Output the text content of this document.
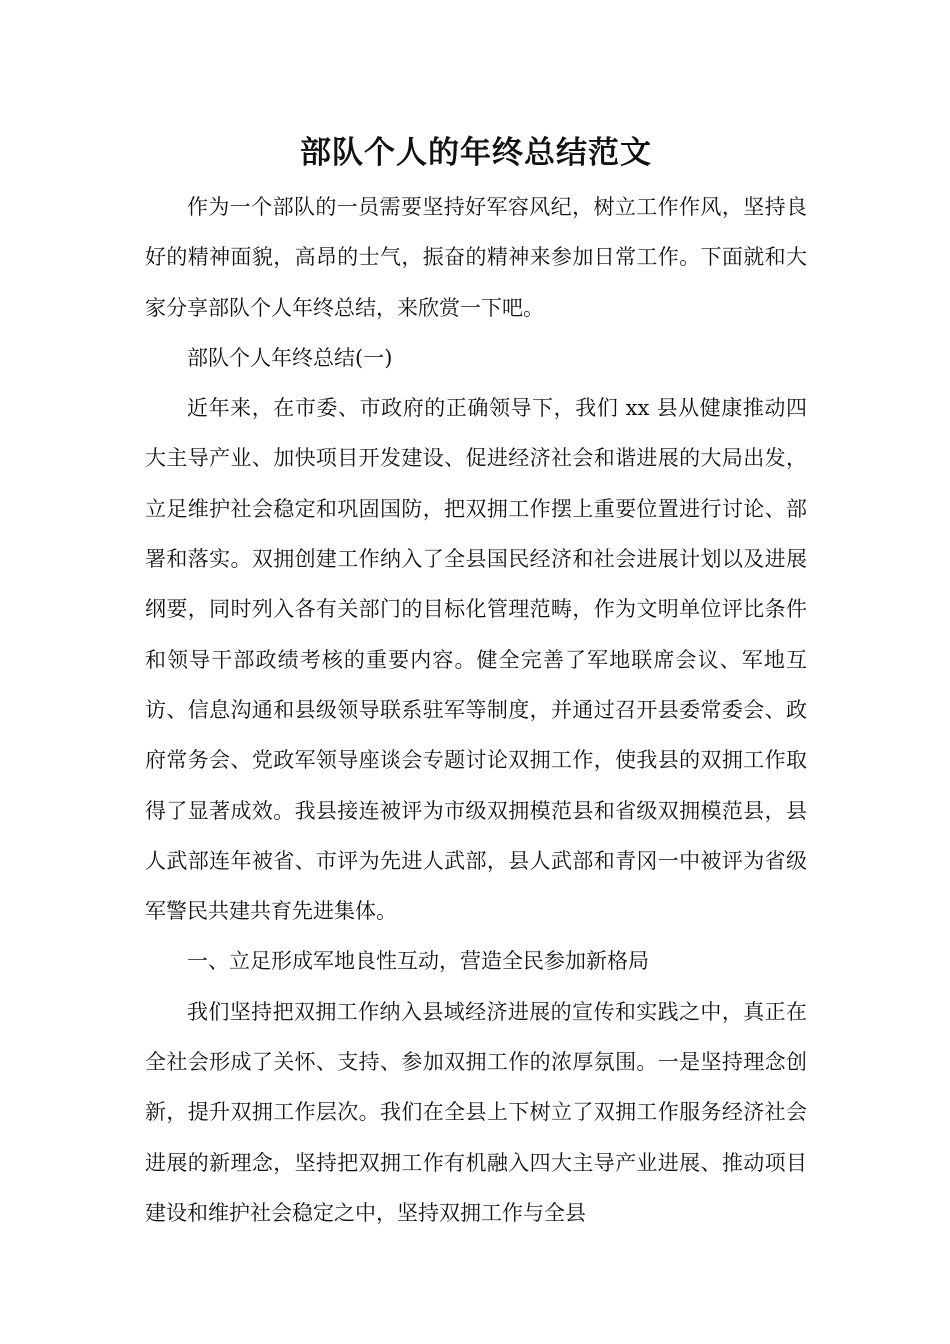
部队个人的年终总结范文

作为一个部队的一员需要坚持好军容风纪，树立工作作风，坚持良好的精神面貌，高昂的士气，振奋的精神来参加日常工作。下面就和大家分享部队个人年终总结，来欣赏一下吧。

部队个人年终总结(一)

近年来，在市委、市政府的正确领导下，我们 xx 县从健康推动四大主导产业、加快项目开发建设、促进经济社会和谐进展的大局出发，立足维护社会稳定和巩固国防，把双拥工作摆上重要位置进行讨论、部署和落实。双拥创建工作纳入了全县国民经济和社会进展计划以及进展纲要，同时列入各有关部门的目标化管理范畴，作为文明单位评比条件和领导干部政绩考核的重要内容。健全完善了军地联席会议、军地互访、信息沟通和县级领导联系驻军等制度，并通过召开县委常委会、政府常务会、党政军领导座谈会专题讨论双拥工作，使我县的双拥工作取得了显著成效。我县接连被评为市级双拥模范县和省级双拥模范县，县人武部连年被省、市评为先进人武部，县人武部和青冈一中被评为省级军警民共建共育先进集体。

一、立足形成军地良性互动，营造全民参加新格局

我们坚持把双拥工作纳入县域经济进展的宣传和实践之中，真正在全社会形成了关怀、支持、参加双拥工作的浓厚氛围。一是坚持理念创新，提升双拥工作层次。我们在全县上下树立了双拥工作服务经济社会进展的新理念，坚持把双拥工作有机融入四大主导产业进展、推动项目建设和维护社会稳定之中，坚持双拥工作与全县
